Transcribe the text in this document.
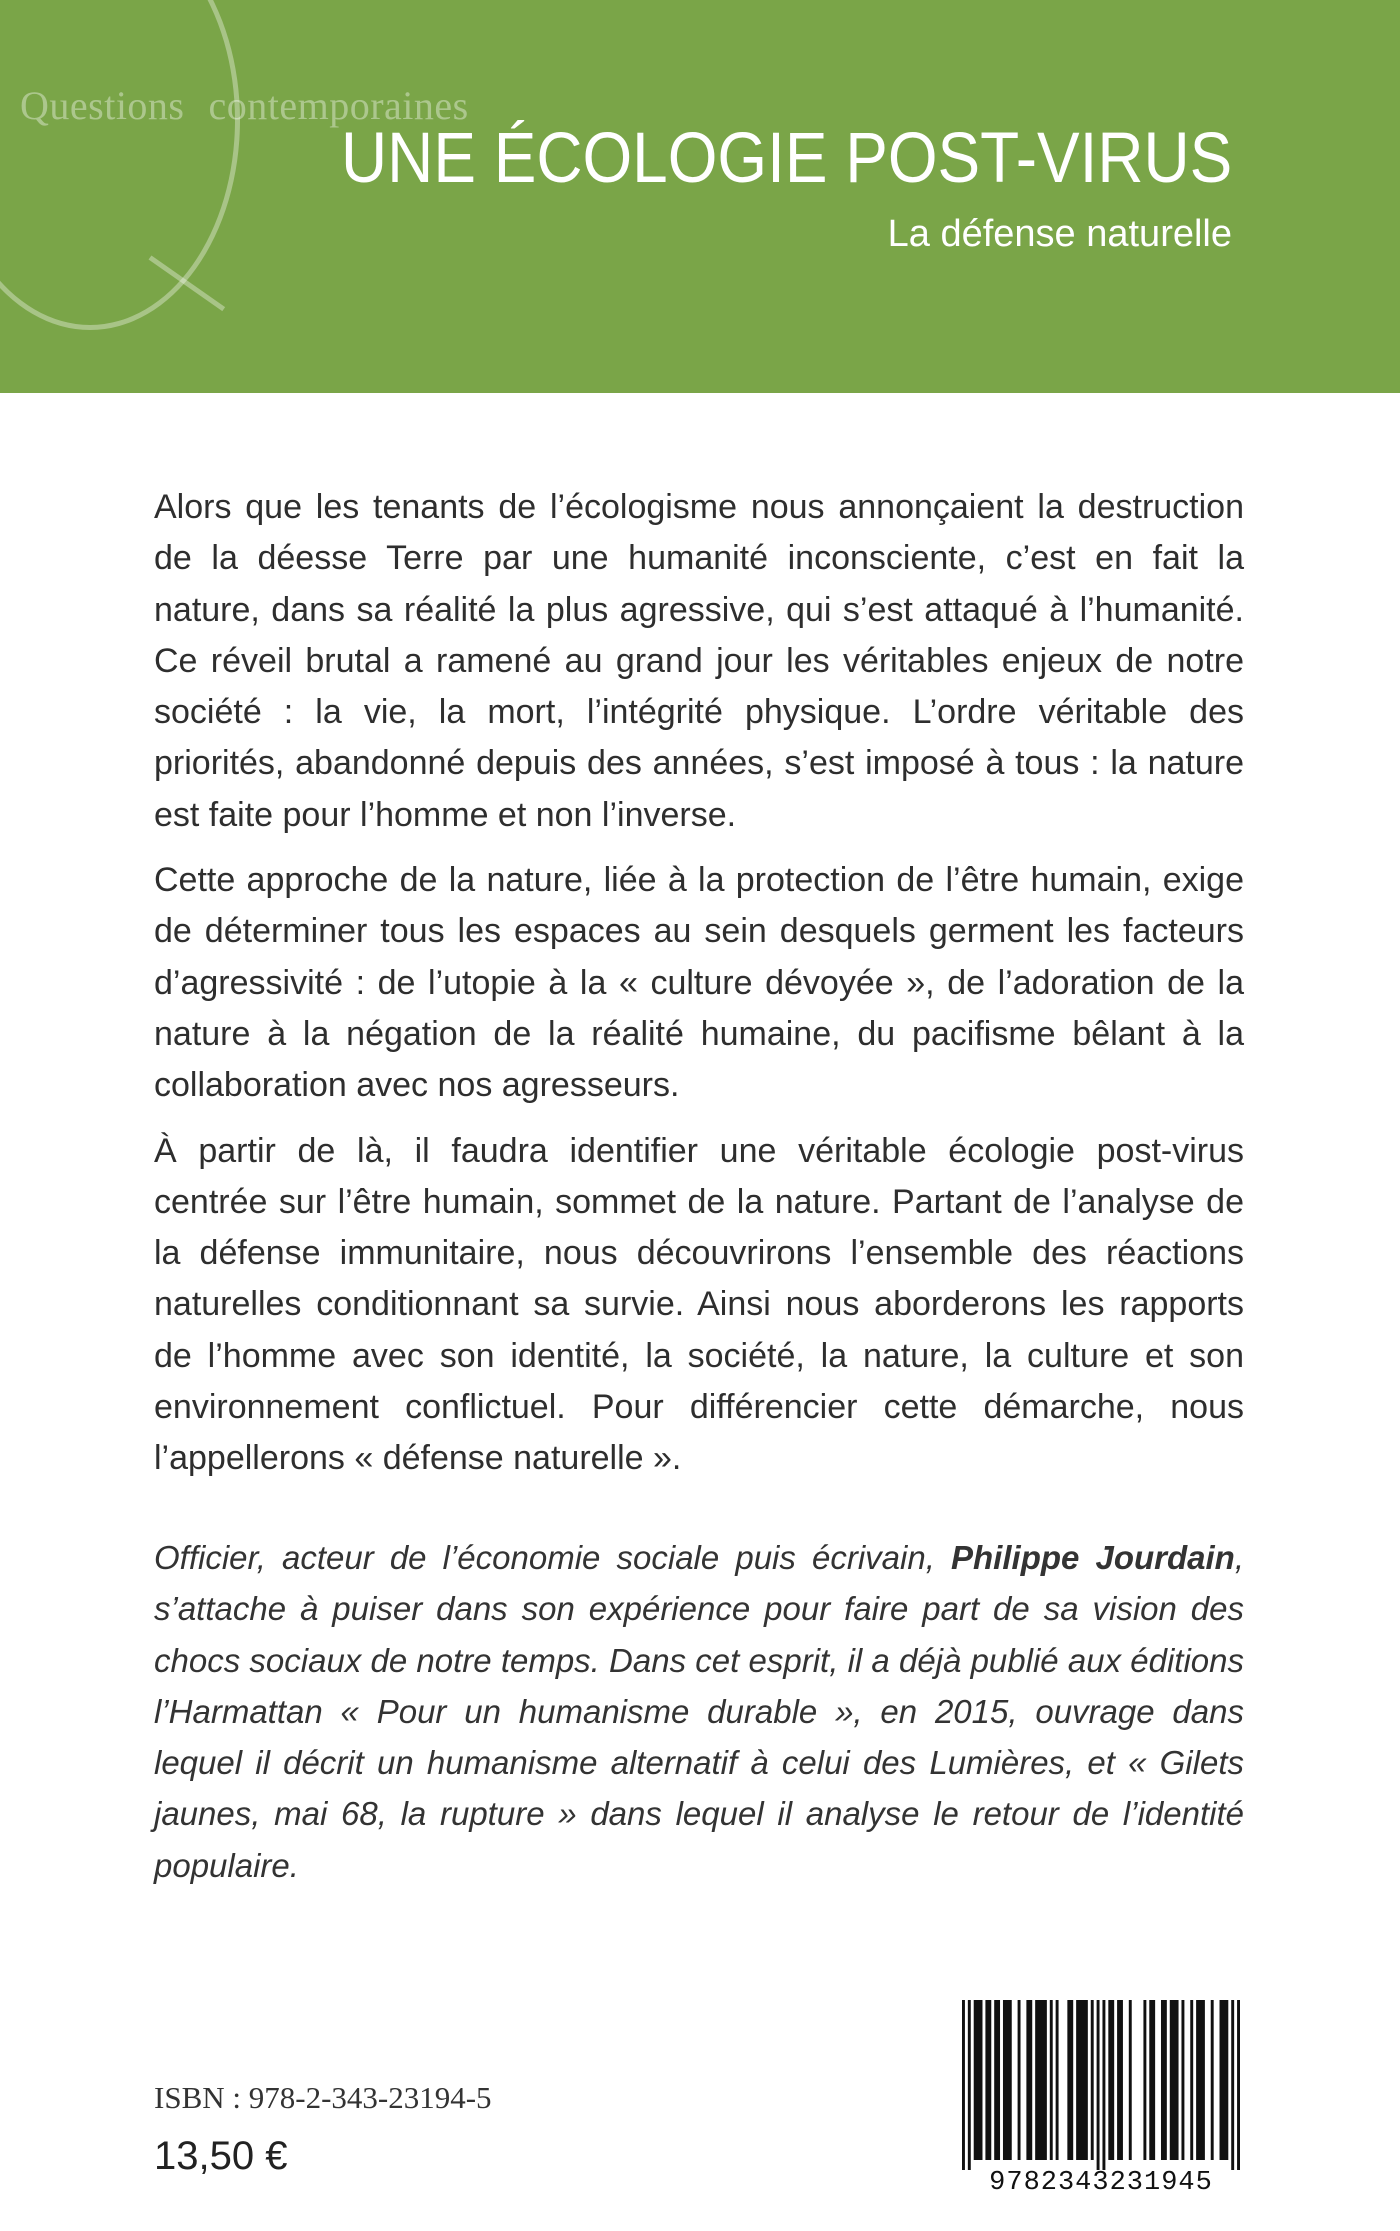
Questions contemporaines
UNE ÉCOLOGIE POST-VIRUS
La défense naturelle

Alors que les tenants de l’écologisme nous annonçaient la destruction de la déesse Terre par une humanité inconsciente, c’est en fait la nature, dans sa réalité la plus agressive, qui s’est attaqué à l’humanité. Ce réveil brutal a ramené au grand jour les véritables enjeux de notre société : la vie, la mort, l’intégrité physique. L’ordre véritable des priorités, abandonné depuis des années, s’est imposé à tous : la nature est faite pour l’homme et non l’inverse.

Cette approche de la nature, liée à la protection de l’être humain, exige de déterminer tous les espaces au sein desquels germent les facteurs d’agressivité : de l’utopie à la « culture dévoyée », de l’adoration de la nature à la négation de la réalité humaine, du pacifisme bêlant à la collaboration avec nos agresseurs.

À partir de là, il faudra identifier une véritable écologie post-virus centrée sur l’être humain, sommet de la nature. Partant de l’analyse de la défense immunitaire, nous découvrirons l’ensemble des réactions naturelles conditionnant sa survie. Ainsi nous aborderons les rapports de l’homme avec son identité, la société, la nature, la culture et son environnement conflictuel. Pour différencier cette démarche, nous l’appellerons « défense naturelle ».

Officier, acteur de l’économie sociale puis écrivain, Philippe Jourdain, s’attache à puiser dans son expérience pour faire part de sa vision des chocs sociaux de notre temps. Dans cet esprit, il a déjà publié aux éditions l’Harmattan « Pour un humanisme durable », en 2015, ouvrage dans lequel il décrit un humanisme alternatif à celui des Lumières, et « Gilets jaunes, mai 68, la rupture » dans lequel il analyse le retour de l’identité populaire.
ISBN : 978-2-343-23194-5
13,50 €
9782343231945
